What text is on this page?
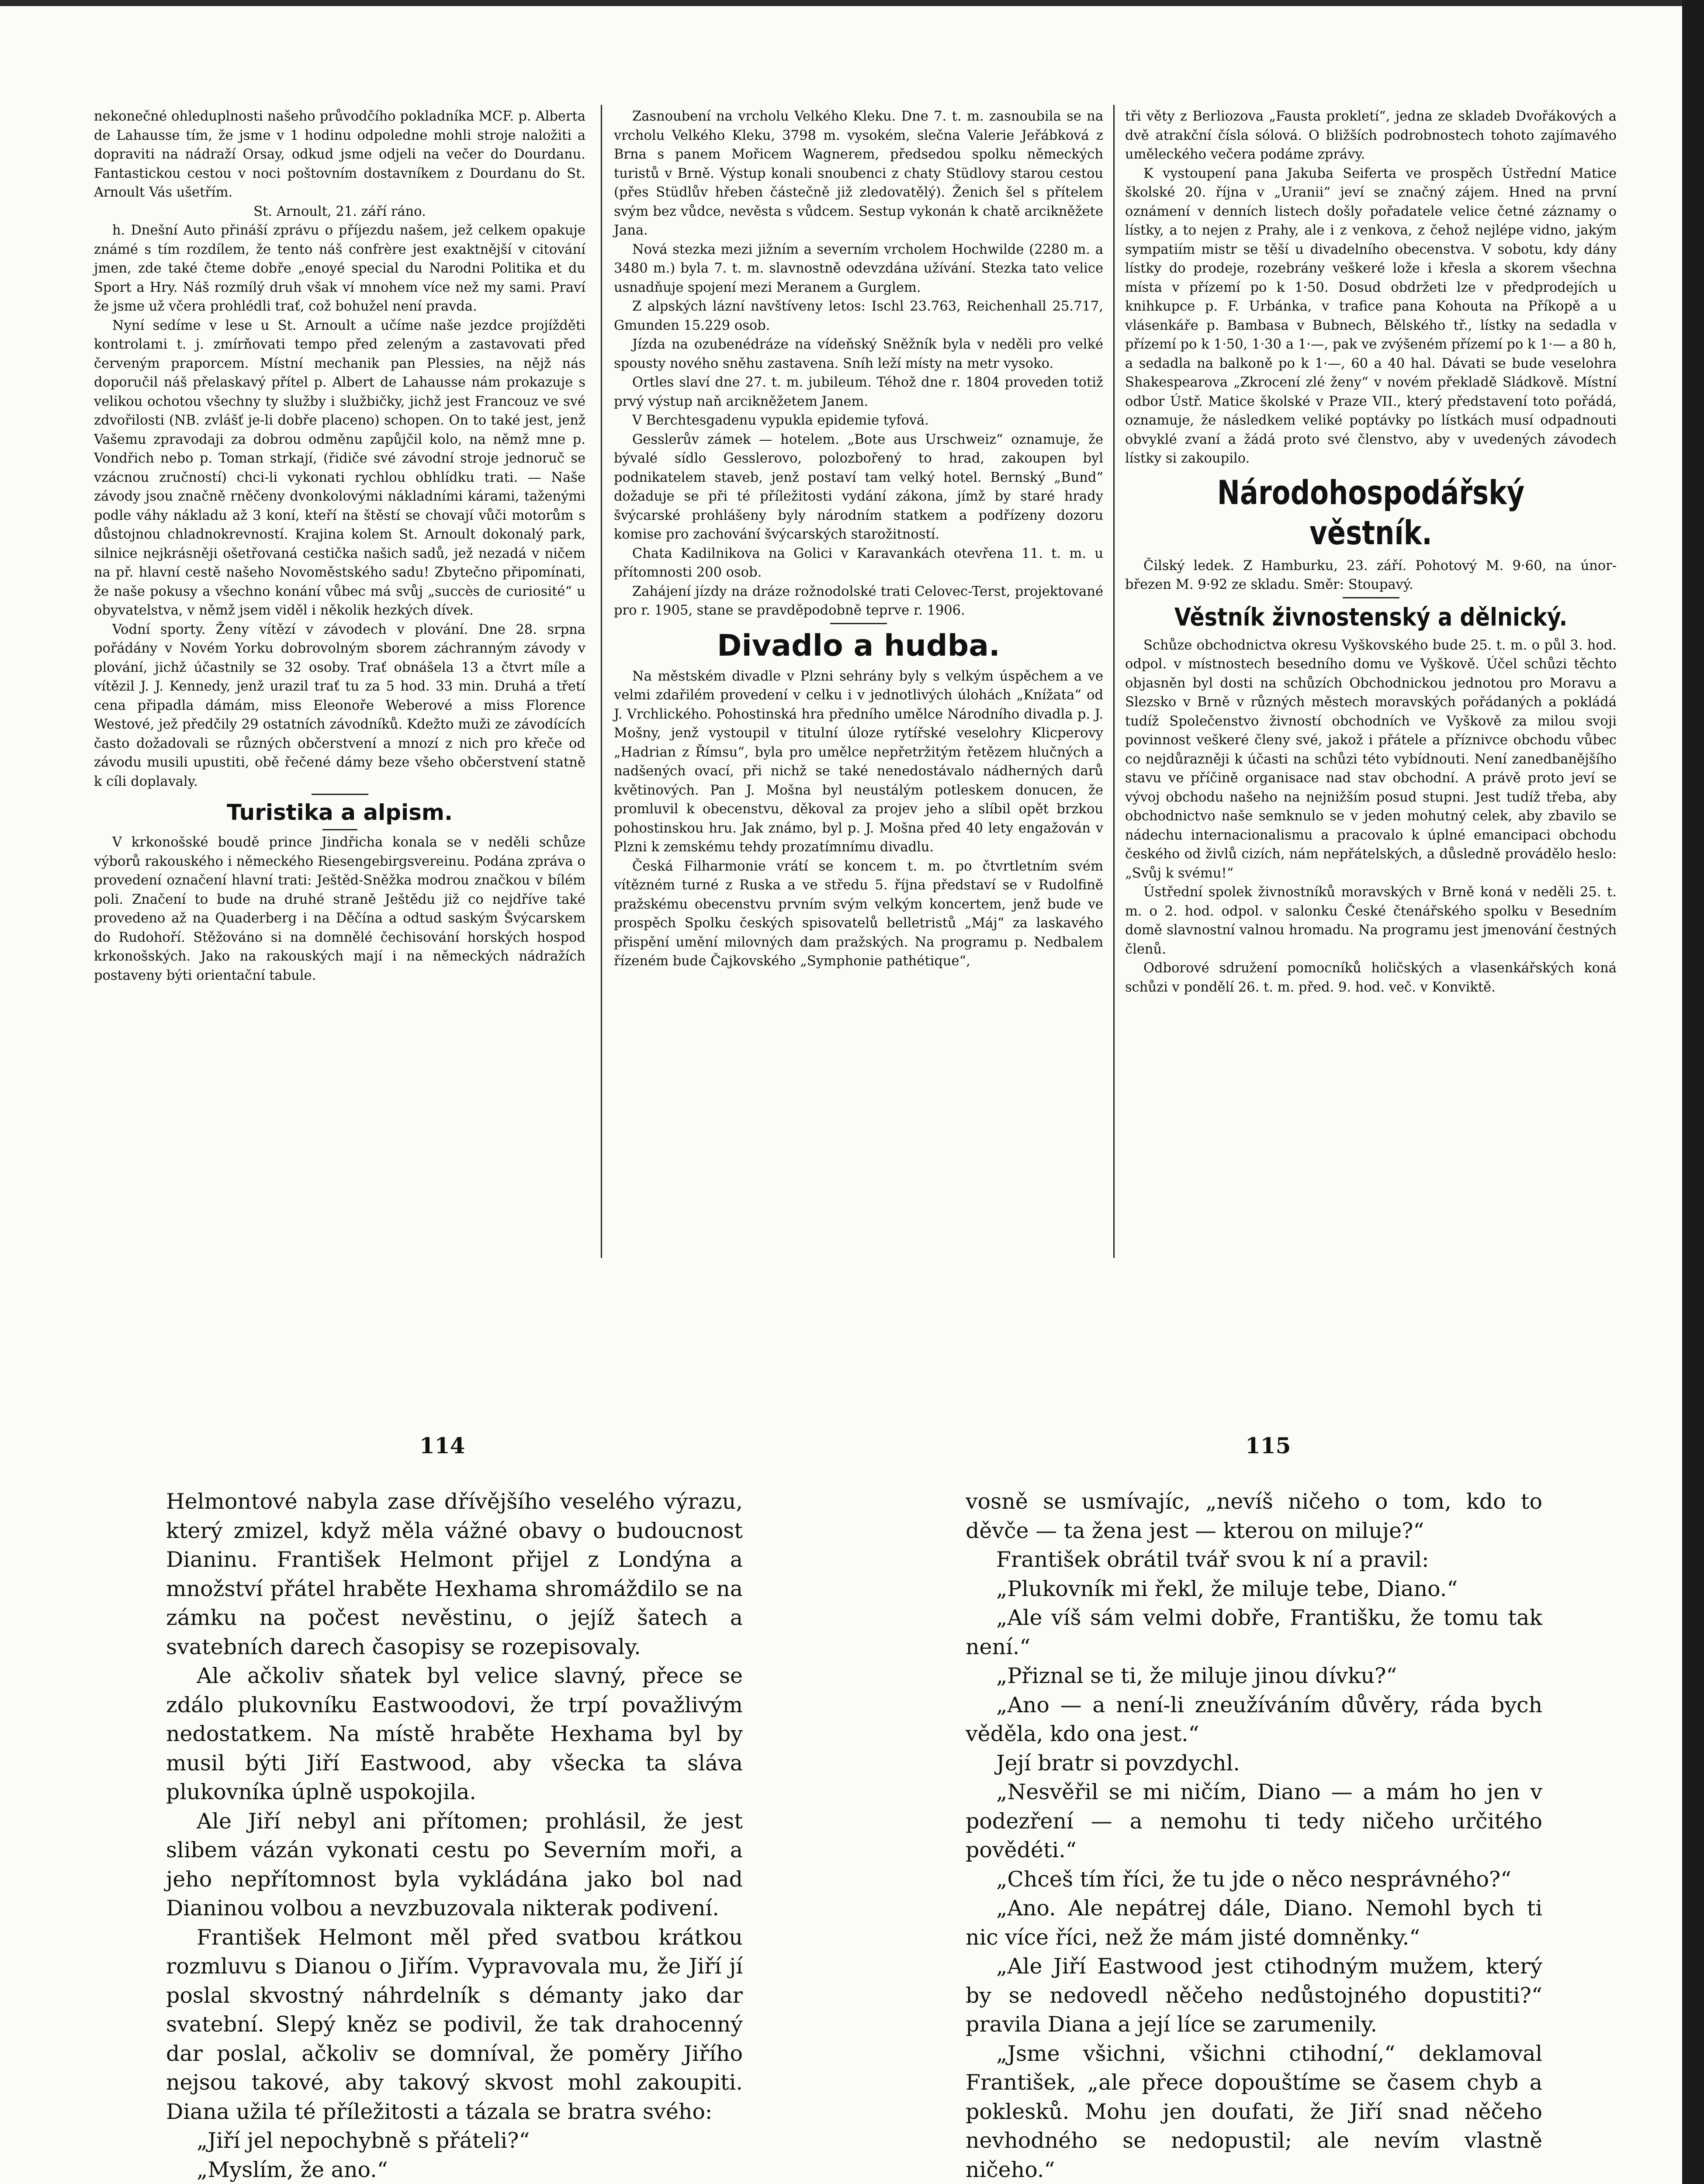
nekonečné ohleduplnosti našeho průvodčího pokladníka MCF. p. Alberta de Lahausse tím, že jsme v 1 hodinu odpoledne mohli stroje naložiti a dopraviti na nádraží Orsay, odkud jsme odjeli na večer do Dourdanu. Fantastickou cestou v noci poštovním dostavníkem z Dourdanu do St. Arnoult Vás ušetřím.

St. Arnoult, 21. září ráno.

h. Dnešní Auto přináší zprávu o příjezdu našem, jež celkem opakuje známé s tím rozdílem, že tento náš confrère jest exaktnější v citování jmen, zde také čteme dobře „enoyé special du Narodni Politika et du Sport a Hry. Náš rozmílý druh však ví mnohem více než my sami. Praví že jsme už včera prohlédli trať, což bohužel není pravda.

Nyní sedíme v lese u St. Arnoult a učíme naše jezdce projížděti kontrolami t. j. zmírňovati tempo před zeleným a zastavovati před červeným praporcem. Místní mechanik pan Plessies, na nějž nás doporučil náš přelaskavý přítel p. Albert de Lahausse nám prokazuje s velikou ochotou všechny ty služby i službičky, jichž jest Francouz ve své zdvořilosti (NB. zvlášť je-li dobře placeno) schopen. On to také jest, jenž Vašemu zpravodaji za dobrou odměnu zapůjčil kolo, na němž mne p. Vondřich nebo p. Toman strkají, (řidiče své závodní stroje jednoruč se vzácnou zručností) chci-li vykonati rychlou obhlídku trati. — Naše závody jsou značně rněčeny dvonkolovými nákladními kárami, taženými podle váhy nákladu až 3 koní, kteří na štěstí se chovají vůči motorům s důstojnou chladnokrevností. Krajina kolem St. Arnoult dokonalý park, silnice nejkrásněji ošetřovaná cestička našich sadů, jež nezadá v ničem na př. hlavní cestě našeho Novoměstského sadu! Zbytečno připomínati, že naše pokusy a všechno konání vůbec má svůj „succès de curiosité“ u obyvatelstva, v němž jsem viděl i několik hezkých dívek.

Vodní sporty. Ženy vítězí v závodech v plování. Dne 28. srpna pořádány v Novém Yorku dobrovolným sborem záchranným závody v plování, jichž účastnily se 32 osoby. Trať obnášela 13 a čtvrt míle a vítězil J. J. Kennedy, jenž urazil trať tu za 5 hod. 33 min. Druhá a třetí cena připadla dámám, miss Eleonoře Weberové a miss Florence Westové, jež předčily 29 ostatních závodníků. Kdežto muži ze závodících často dožadovali se různých občerstvení a mnozí z nich pro křeče od závodu musili upustiti, obě řečené dámy beze všeho občerstvení statně k cíli doplavaly.

Turistika a alpism.

V krkonošské boudě prince Jindřicha konala se v neděli schůze výborů rakouského i německého Riesengebirgsvereinu. Podána zpráva o provedení označení hlavní trati: Ještěd-Sněžka modrou značkou v bílém poli. Značení to bude na druhé straně Ještědu již co nejdříve také provedeno až na Quaderberg i na Děčína a odtud saským Švýcarskem do Rudohoří. Stěžováno si na domnělé čechisování horských hospod krkonošských. Jako na rakouských mají i na německých nádražích postaveny býti orientační tabule.

Zasnoubení na vrcholu Velkého Kleku. Dne 7. t. m. zasnoubila se na vrcholu Velkého Kleku, 3798 m. vysokém, slečna Valerie Jeřábková z Brna s panem Mořicem Wagnerem, předsedou spolku německých turistů v Brně. Výstup konali snoubenci z chaty Stüdlovy starou cestou (přes Stüdlův hřeben částečně již zledovatělý). Ženich šel s přítelem svým bez vůdce, nevěsta s vůdcem. Sestup vykonán k chatě arcikněžete Jana.

Nová stezka mezi jižním a severním vrcholem Hochwilde (2280 m. a 3480 m.) byla 7. t. m. slavnostně odevzdána užívání. Stezka tato velice usnadňuje spojení mezi Meranem a Gurglem.

Z alpských lázní navštíveny letos: Ischl 23.763, Reichenhall 25.717, Gmunden 15.229 osob.

Jízda na ozubenédráze na vídeňský Sněžník byla v neděli pro velké spousty nového sněhu zastavena. Sníh leží místy na metr vysoko.

Ortles slaví dne 27. t. m. jubileum. Téhož dne r. 1804 proveden totiž prvý výstup naň arcikněžetem Janem.

V Berchtesgadenu vypukla epidemie tyfová.

Gesslerův zámek — hotelem. „Bote aus Urschweiz“ oznamuje, že bývalé sídlo Gesslerovo, polozbořený to hrad, zakoupen byl podnikatelem staveb, jenž postaví tam velký hotel. Bernský „Bund“ dožaduje se při té příležitosti vydání zákona, jímž by staré hrady švýcarské prohlášeny byly národním statkem a podřízeny dozoru komise pro zachování švýcarských starožitností.

Chata Kadilnikova na Golici v Karavankách otevřena 11. t. m. u přítomnosti 200 osob.

Zahájení jízdy na dráze rožnodolské trati Celovec-Terst, projektované pro r. 1905, stane se pravděpodobně teprve r. 1906.

Divadlo a hudba.

Na městském divadle v Plzni sehrány byly s velkým úspěchem a ve velmi zdařilém provedení v celku i v jednotlivých úlohách „Knížata“ od J. Vrchlického. Pohostinská hra předního umělce Národního divadla p. J. Mošny, jenž vystoupil v titulní úloze rytířské veselohry Klicperovy „Hadrian z Římsu“, byla pro umělce nepřetržitým řetězem hlučných a nadšených ovací, při nichž se také nenedostávalo nádherných darů květinových. Pan J. Mošna byl neustálým potleskem donucen, že promluvil k obecenstvu, děkoval za projev jeho a slíbil opět brzkou pohostinskou hru. Jak známo, byl p. J. Mošna před 40 lety engažován v Plzni k zemskému tehdy prozatímnímu divadlu.

Česká Filharmonie vrátí se koncem t. m. po čtvrtletním svém vítězném turné z Ruska a ve středu 5. října představí se v Rudolfině pražskému obecenstvu prvním svým velkým koncertem, jenž bude ve prospěch Spolku českých spisovatelů belletristů „Máj“ za laskavého přispění umění milovných dam pražských. Na programu p. Nedbalem řízeném bude Čajkovského „Symphonie pathétique“,

tři věty z Berliozova „Fausta prokletí“, jedna ze skladeb Dvořákových a dvě atrakční čísla sólová. O bližších podrobnostech tohoto zajímavého uměleckého večera podáme zprávy.

K vystoupení pana Jakuba Seiferta ve prospěch Ústřední Matice školské 20. října v „Uranii“ jeví se značný zájem. Hned na první oznámení v denních listech došly pořadatele velice četné záznamy o lístky, a to nejen z Prahy, ale i z venkova, z čehož nejlépe vidno, jakým sympatiím mistr se těší u divadelního obecenstva. V sobotu, kdy dány lístky do prodeje, rozebrány veškeré lože i křesla a skorem všechna místa v přízemí po k 1·50. Dosud obdržeti lze v předprodejích u knihkupce p. F. Urbánka, v trafice pana Kohouta na Příkopě a u vlásenkáře p. Bambasa v Bubnech, Bělského tř., lístky na sedadla v přízemí po k 1·50, 1·30 a 1·—, pak ve zvýšeném přízemí po k 1·— a 80 h, a sedadla na balkoně po k 1·—, 60 a 40 hal. Dávati se bude veselohra Shakespearova „Zkrocení zlé ženy“ v novém překladě Sládkově. Místní odbor Ústř. Matice školské v Praze VII., který představení toto pořádá, oznamuje, že následkem veliké poptávky po lístkách musí odpadnouti obvyklé zvaní a žádá proto své členstvo, aby v uvedených závodech lístky si zakoupilo.

Národohospodářský věstník.

Čilský ledek. Z Hamburku, 23. září. Pohotový M. 9·60, na únor-březen M. 9·92 ze skladu. Směr: Stoupavý.

Věstník živnostenský a dělnický.

Schůze obchodnictva okresu Vyškovského bude 25. t. m. o půl 3. hod. odpol. v místnostech besedního domu ve Vyškově. Účel schůzi těchto objasněn byl dosti na schůzích Obchodnickou jednotou pro Moravu a Slezsko v Brně v různých městech moravských pořádaných a pokládá tudíž Společenstvo živností obchodních ve Vyškově za milou svoji povinnost veškeré členy své, jakož i přátele a příznivce obchodu vůbec co nejdůrazněji k účasti na schůzi této vybídnouti. Není zanedbanějšího stavu ve příčině organisace nad stav obchodní. A právě proto jeví se vývoj obchodu našeho na nejnižším posud stupni. Jest tudíž třeba, aby obchodnictvo naše semknulo se v jeden mohutný celek, aby zbavilo se nádechu internacionalismu a pracovalo k úplné emancipaci obchodu českého od živlů cizích, nám nepřátelských, a důsledně provádělo heslo: „Svůj k svému!“

Ústřední spolek živnostníků moravských v Brně koná v neděli 25. t. m. o 2. hod. odpol. v salonku České čtenářského spolku v Besedním domě slavnostní valnou hromadu. Na programu jest jmenování čestných členů.

Odborové sdružení pomocníků holičských a vlasenkářských koná schůzi v pondělí 26. t. m. před. 9. hod. več. v Konviktě.

114	115

Helmontové nabyla zase dřívějšího veselého výrazu, který zmizel, když měla vážné obavy o budoucnost Dianinu. František Helmont přijel z Londýna a množství přátel hraběte Hexhama shromáždilo se na zámku na počest nevěstinu, o jejíž šatech a svatebních darech časopisy se rozepisovaly.

Ale ačkoliv sňatek byl velice slavný, přece se zdálo plukovníku Eastwoodovi, že trpí považlivým nedostatkem. Na místě hraběte Hexhama byl by musil býti Jiří Eastwood, aby všecka ta sláva plukovníka úplně uspokojila.

Ale Jiří nebyl ani přítomen; prohlásil, že jest slibem vázán vykonati cestu po Severním moři, a jeho nepřítomnost byla vykládána jako bol nad Dianinou volbou a nevzbuzovala nikterak podivení.

František Helmont měl před svatbou krátkou rozmluvu s Dianou o Jiřím. Vypravovala mu, že Jiří jí poslal skvostný náhrdelník s démanty jako dar svatební. Slepý kněz se podivil, že tak drahocenný dar poslal, ačkoliv se domníval, že poměry Jiřího nejsou takové, aby takový skvost mohl zakoupiti. Diana užila té příležitosti a tázala se bratra svého:

„Jiří jel nepochybně s přáteli?“

„Myslím, že ano.“

vosně se usmívajíc, „nevíš ničeho o tom, kdo to děvče — ta žena jest — kterou on miluje?“

František obrátil tvář svou k ní a pravil:

„Plukovník mi řekl, že miluje tebe, Diano.“

„Ale víš sám velmi dobře, Františku, že tomu tak není.“

„Přiznal se ti, že miluje jinou dívku?“

„Ano — a není-li zneužíváním důvěry, ráda bych věděla, kdo ona jest.“

Její bratr si povzdychl.

„Nesvěřil se mi ničím, Diano — a mám ho jen v podezření — a nemohu ti tedy ničeho určitého povědéti.“

„Chceš tím říci, že tu jde o něco nesprávného?“

„Ano. Ale nepátrej dále, Diano. Nemohl bych ti nic více říci, než že mám jisté domněnky.“

„Ale Jiří Eastwood jest ctihodným mužem, který by se nedovedl něčeho nedůstojného dopustiti?“ pravila Diana a její líce se zarumenily.

„Jsme všichni, všichni ctihodní,“ deklamoval František, „ale přece dopouštíme se časem chyb a poklesků. Mohu jen doufati, že Jiří snad něčeho nevhodného se nedopustil; ale nevím vlastně ničeho.“
